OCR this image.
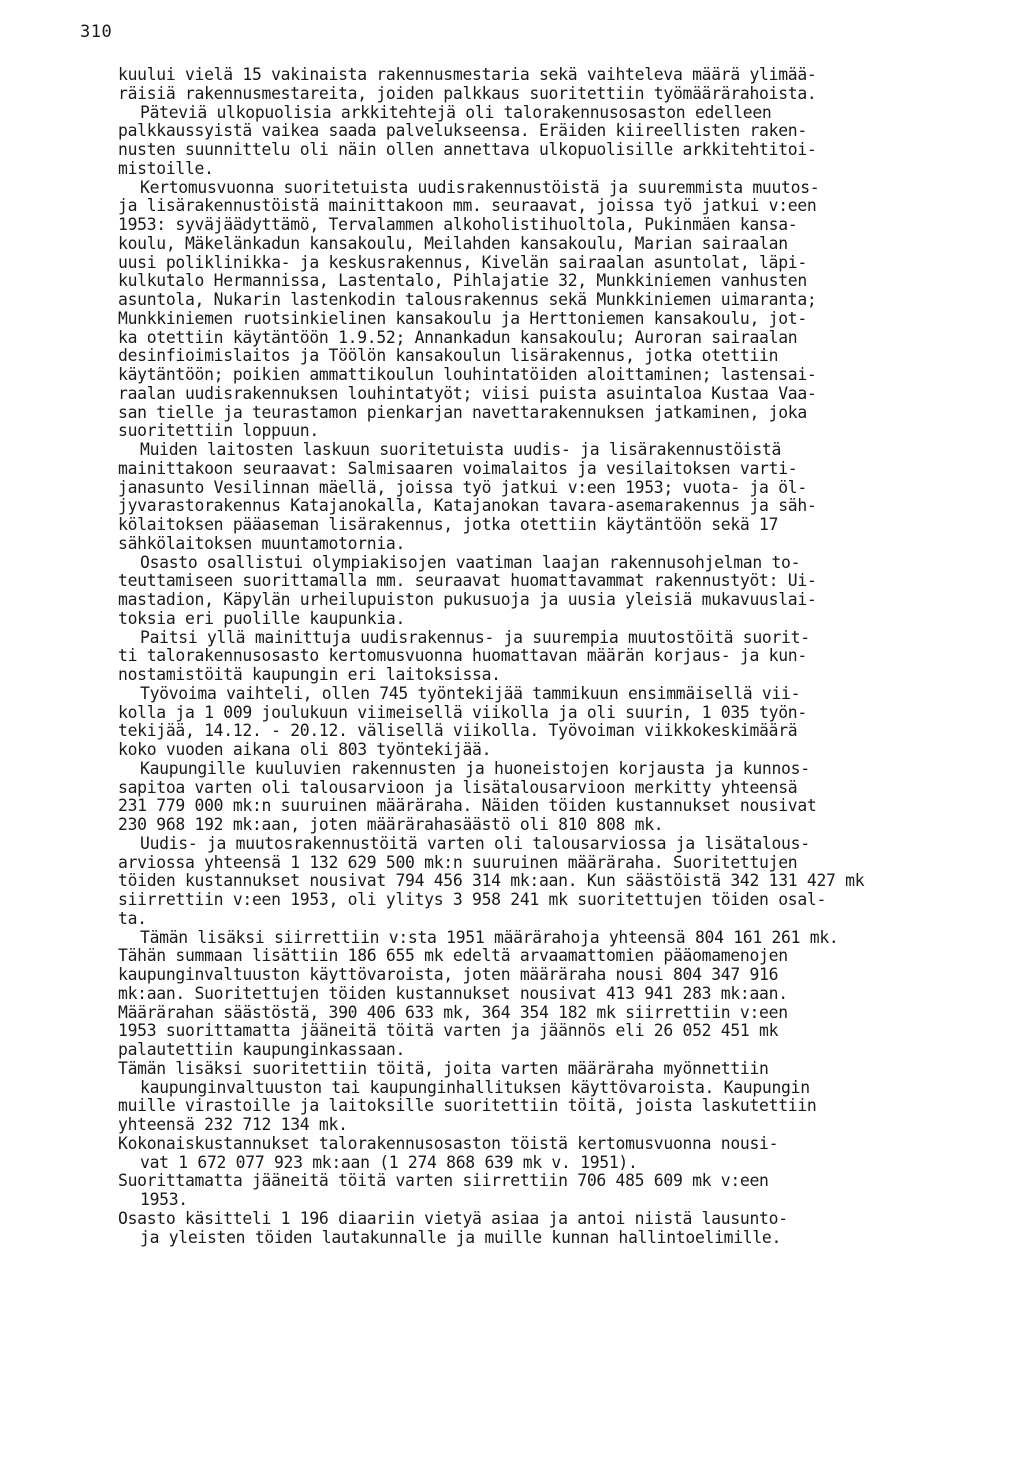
310
kuului vielä 15 vakinaista rakennusmestaria sekä vaihteleva määrä ylimää-
räisiä rakennusmestareita, joiden palkkaus suoritettiin työmäärärahoista.
Päteviä ulkopuolisia arkkitehtejä oli talorakennusosaston edelleen
palkkaussyistä vaikea saada palvelukseensa. Eräiden kiireellisten raken-
nusten suunnittelu oli näin ollen annettava ulkopuolisille arkkitehtitoi-
mistoille.
Kertomusvuonna suoritetuista uudisrakennustöistä ja suuremmista muutos-
ja lisärakennustöistä mainittakoon mm. seuraavat, joissa työ jatkui v:een
1953: syväjäädyttämö, Tervalammen alkoholistihuoltola, Pukinmäen kansa-
koulu, Mäkelänkadun kansakoulu, Meilahden kansakoulu, Marian sairaalan
uusi poliklinikka- ja keskusrakennus, Kivelän sairaalan asuntolat, läpi-
kulkutalo Hermannissa, Lastentalo, Pihlajatie 32, Munkkiniemen vanhusten
asuntola, Nukarin lastenkodin talousrakennus sekä Munkkiniemen uimaranta;
Munkkiniemen ruotsinkielinen kansakoulu ja Herttoniemen kansakoulu, jot-
ka otettiin käytäntöön 1.9.52; Annankadun kansakoulu; Auroran sairaalan
desinfioimislaitos ja Töölön kansakoulun lisärakennus, jotka otettiin
käytäntöön; poikien ammattikoulun louhintatöiden aloittaminen; lastensai-
raalan uudisrakennuksen louhintatyöt; viisi puista asuintaloa Kustaa Vaa-
san tielle ja teurastamon pienkarjan navettarakennuksen jatkaminen, joka
suoritettiin loppuun.
Muiden laitosten laskuun suoritetuista uudis- ja lisärakennustöistä
mainittakoon seuraavat: Salmisaaren voimalaitos ja vesilaitoksen varti-
janasunto Vesilinnan mäellä, joissa työ jatkui v:een 1953; vuota- ja öl-
jyvarastorakennus Katajanokalla, Katajanokan tavara-asemarakennus ja säh-
kölaitoksen pääaseman lisärakennus, jotka otettiin käytäntöön sekä 17
sähkölaitoksen muuntamotornia.
Osasto osallistui olympiakisojen vaatiman laajan rakennusohjelman to-
teuttamiseen suorittamalla mm. seuraavat huomattavammat rakennustyöt: Ui-
mastadion, Käpylän urheilupuiston pukusuoja ja uusia yleisiä mukavuuslai-
toksia eri puolille kaupunkia.
Paitsi yllä mainittuja uudisrakennus- ja suurempia muutostöitä suorit-
ti talorakennusosasto kertomusvuonna huomattavan määrän korjaus- ja kun-
nostamistöitä kaupungin eri laitoksissa.
Työvoima vaihteli, ollen 745 työntekijää tammikuun ensimmäisellä vii-
kolla ja 1 009 joulukuun viimeisellä viikolla ja oli suurin, 1 035 työn-
tekijää, 14.12. - 20.12. välisellä viikolla. Työvoiman viikkokeskimäärä
koko vuoden aikana oli 803 työntekijää.
Kaupungille kuuluvien rakennusten ja huoneistojen korjausta ja kunnos-
sapitoa varten oli talousarvioon ja lisätalousarvioon merkitty yhteensä
231 779 000 mk:n suuruinen määräraha. Näiden töiden kustannukset nousivat
230 968 192 mk:aan, joten määrärahasäästö oli 810 808 mk.
Uudis- ja muutosrakennustöitä varten oli talousarviossa ja lisätalous-
arviossa yhteensä 1 132 629 500 mk:n suuruinen määräraha. Suoritettujen
töiden kustannukset nousivat 794 456 314 mk:aan. Kun säästöistä 342 131 427 mk
siirrettiin v:een 1953, oli ylitys 3 958 241 mk suoritettujen töiden osal-
ta.
Tämän lisäksi siirrettiin v:sta 1951 määrärahoja yhteensä 804 161 261 mk.
Tähän summaan lisättiin 186 655 mk edeltä arvaamattomien pääomamenojen
kaupunginvaltuuston käyttövaroista, joten määräraha nousi 804 347 916
mk:aan. Suoritettujen töiden kustannukset nousivat 413 941 283 mk:aan.
Määrärahan säästöstä, 390 406 633 mk, 364 354 182 mk siirrettiin v:een
1953 suorittamatta jääneitä töitä varten ja jäännös eli 26 052 451 mk
palautettiin kaupunginkassaan.
Tämän lisäksi suoritettiin töitä, joita varten määräraha myönnettiin
kaupunginvaltuuston tai kaupunginhallituksen käyttövaroista. Kaupungin
muille virastoille ja laitoksille suoritettiin töitä, joista laskutettiin
yhteensä 232 712 134 mk.
Kokonaiskustannukset talorakennusosaston töistä kertomusvuonna nousi-
vat 1 672 077 923 mk:aan (1 274 868 639 mk v. 1951).
Suorittamatta jääneitä töitä varten siirrettiin 706 485 609 mk v:een
1953.
Osasto käsitteli 1 196 diaariin vietyä asiaa ja antoi niistä lausunto-
ja yleisten töiden lautakunnalle ja muille kunnan hallintoelimille.
